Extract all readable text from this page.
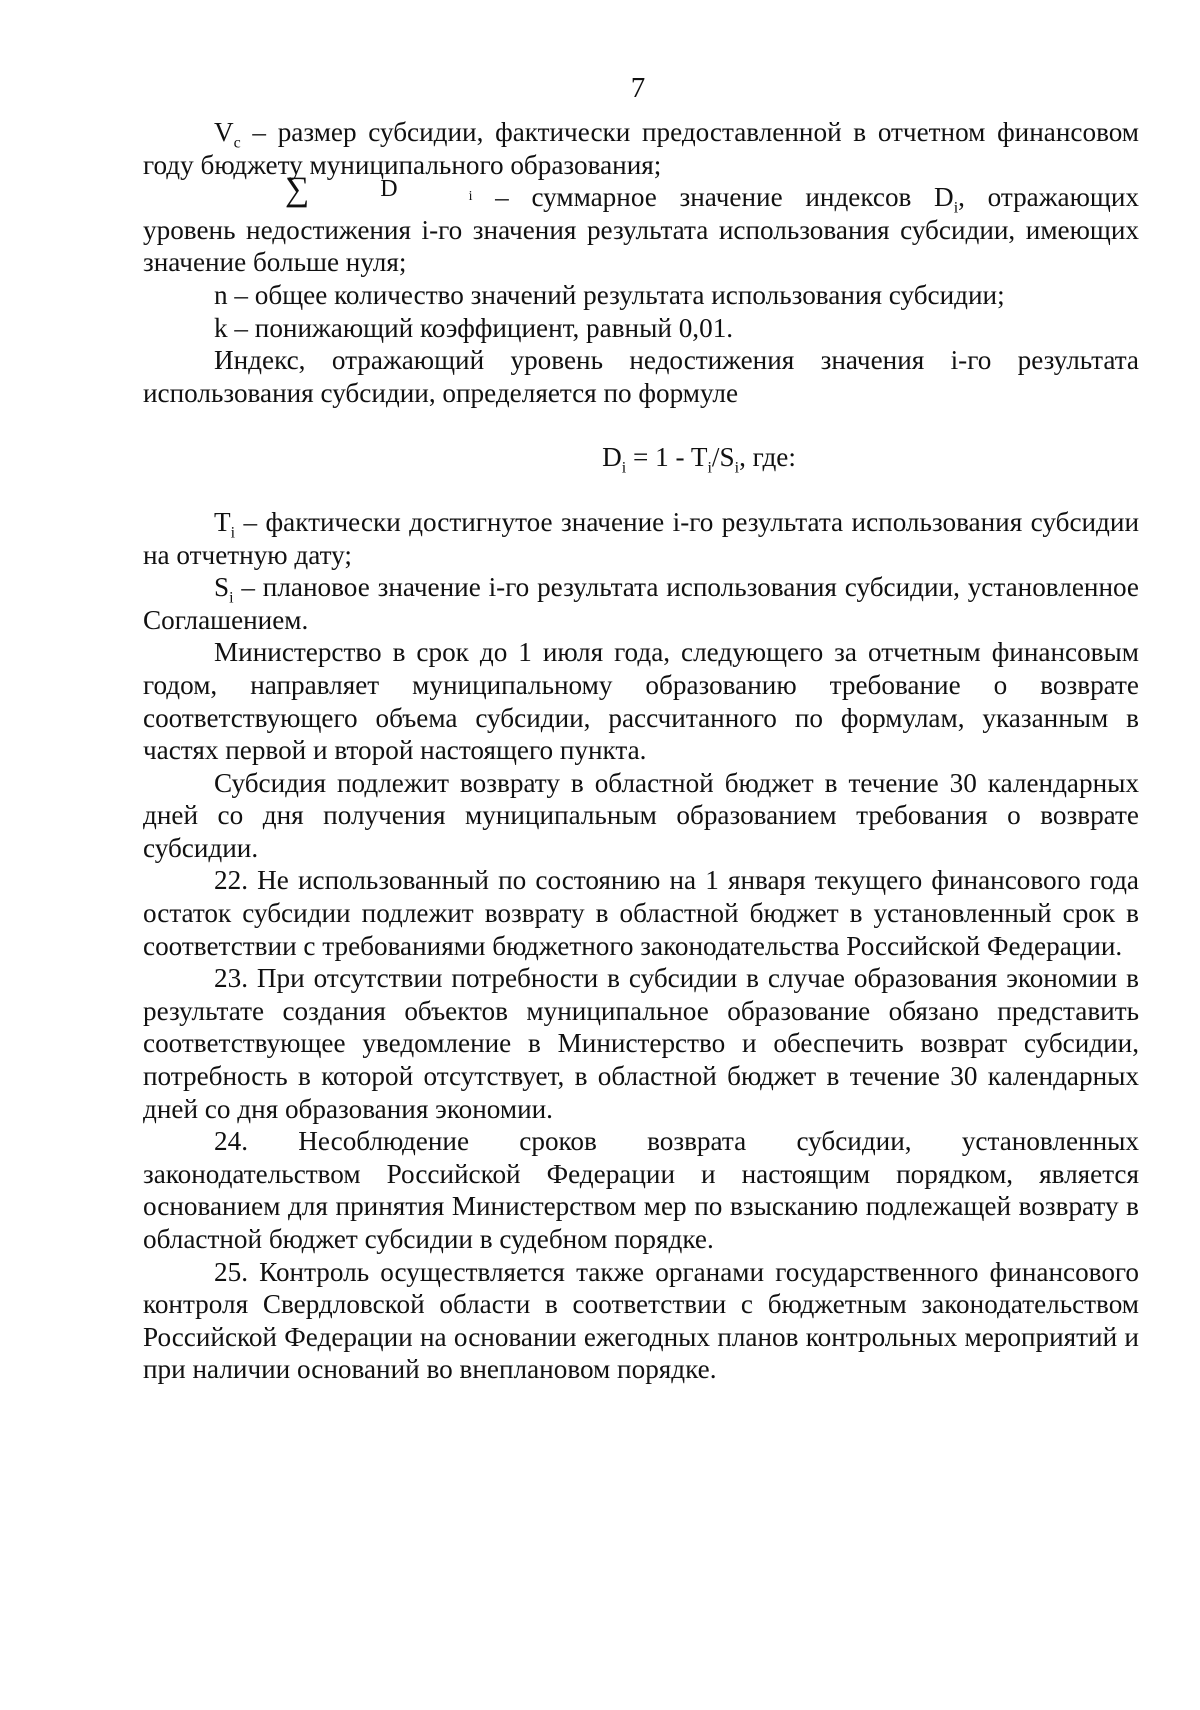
7

$V_c$ – размер субсидии, фактически предоставленной в отчетном финансовом году бюджету муниципального образования;

∑	D	i – суммарное значение индексов $D_i$, отражающих уровень недостижения i-го значения результата использования субсидии, имеющих значение больше нуля;

n – общее количество значений результата использования субсидии;

k – понижающий коэффициент, равный 0,01.

Индекс, отражающий уровень недостижения значения i-го результата использования субсидии, определяется по формуле

$D_i = 1 - T_i/S_i$, где:

$T_i$ – фактически достигнутое значение i-го результата использования субсидии на отчетную дату;

$S_i$ – плановое значение i-го результата использования субсидии, установленное Соглашением.

Министерство в срок до 1 июля года, следующего за отчетным финансовым годом, направляет муниципальному образованию требование о возврате соответствующего объема субсидии, рассчитанного по формулам, указанным в частях первой и второй настоящего пункта.

Субсидия подлежит возврату в областной бюджет в течение 30 календарных дней со дня получения муниципальным образованием требования о возврате субсидии.

22. Не использованный по состоянию на 1 января текущего финансового года остаток субсидии подлежит возврату в областной бюджет в установленный срок в соответствии с требованиями бюджетного законодательства Российской Федерации.

23. При отсутствии потребности в субсидии в случае образования экономии в результате создания объектов муниципальное образование обязано представить соответствующее уведомление в Министерство и обеспечить возврат субсидии, потребность в которой отсутствует, в областной бюджет в течение 30 календарных дней со дня образования экономии.

24. Несоблюдение сроков возврата субсидии, установленных законодательством Российской Федерации и настоящим порядком, является основанием для принятия Министерством мер по взысканию подлежащей возврату в областной бюджет субсидии в судебном порядке.

25. Контроль осуществляется также органами государственного финансового контроля Свердловской области в соответствии с бюджетным законодательством Российской Федерации на основании ежегодных планов контрольных мероприятий и при наличии оснований во внеплановом порядке.
